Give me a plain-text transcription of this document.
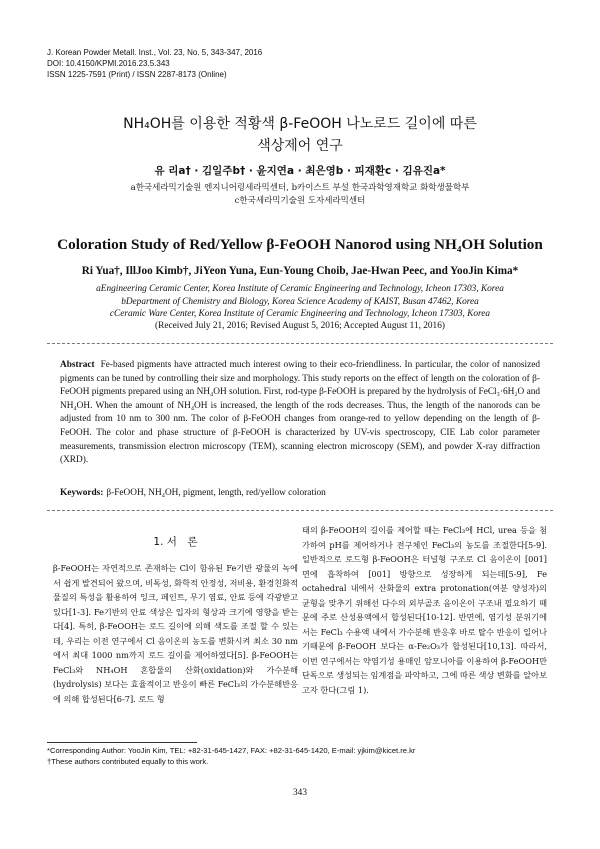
J. Korean Powder Metall. Inst., Vol. 23, No. 5, 343-347, 2016
DOI: 10.4150/KPMI.2016.23.5.343
ISSN 1225-7591 (Print) / ISSN 2287-8173 (Online)
NH₄OH를 이용한 적황색 β-FeOOH 나노로드 길이에 따른
색상제어 연구
유 리a† · 김일주b† · 윤지연a · 최은영b · 피재환c · 김유진a*
a한국세라믹기술원 엔지니어링세라믹센터, b카이스트 부설 한국과학영재학교 화학생물학부
c한국세라믹기술원 도자세라믹센터
Coloration Study of Red/Yellow β-FeOOH Nanorod using NH₄OH Solution
Ri Yua†, IllJoo Kimb†, JiYeon Yuna, Eun-Young Choib, Jae-Hwan Peec, and YooJin Kima*
aEngineering Ceramic Center, Korea Institute of Ceramic Engineering and Technology, Icheon 17303, Korea
bDepartment of Chemistry and Biology, Korea Science Academy of KAIST, Busan 47462, Korea
cCeramic Ware Center, Korea Institute of Ceramic Engineering and Technology, Icheon 17303, Korea
(Received July 21, 2016; Revised August 5, 2016; Accepted August 11, 2016)
Abstract Fe-based pigments have attracted much interest owing to their eco-friendliness. In particular, the color of nanosized pigments can be tuned by controlling their size and morphology. This study reports on the effect of length on the coloration of β-FeOOH pigments prepared using an NH₄OH solution. First, rod-type β-FeOOH is prepared by the hydrolysis of FeCl₃·6H₂O and NH₄OH. When the amount of NH₄OH is increased, the length of the rods decreases. Thus, the length of the nanorods can be adjusted from 10 nm to 300 nm. The color of β-FeOOH changes from orange-red to yellow depending on the length of β-FeOOH. The color and phase structure of β-FeOOH is characterized by UV-vis spectroscopy, CIE Lab color parameter measurements, transmission electron microscopy (TEM), scanning electron microscopy (SEM), and powder X-ray diffraction (XRD).
Keywords: β-FeOOH, NH₄OH, pigment, length, red/yellow coloration
1. 서　론
β-FeOOH는 자연적으로 존재하는 Cl이 함유된 Fe기반 광물의 녹에서 쉽게 발견되어 왔으며, 비독성, 화학적 안정성, 저비용, 환경친화적 물질의 특성을 활용하여 잉크, 페인트, 무기 염료, 안료 등에 각광받고있다[1-3]. Fe기반의 안료 색상은 입자의 형상과 크기에 영향을 받는다[4]. 특히, β-FeOOH는 로드 길이에 의해 색도를 조절 할 수 있는데, 우리는 이전 연구에서 Cl 음이온의 농도를 변화시켜 최소 30 nm에서 최대 1000 nm까지 로드 길이를 제어하였다[5]. β-FeOOH는 FeCl₃와 NH₄OH 혼합물의 산화(oxidation)와 가수분해(hydrolysis) 보다는 효율적이고 반응이 빠른 FeCl₃의 가수분해반응에 의해 합성된다[6-7]. 로드 형
태의 β-FeOOH의 길이를 제어할 때는 FeCl₃에 HCl, urea 등을 첨가하여 pH를 제어하거나 전구체인 FeCl₃의 농도를 조절한다[5-9]. 일반적으로 로드형 β-FeOOH은 터널형 구조로 Cl 음이온이 [001]면에 흡착하여 [001] 방향으로 성장하게 되는데[5-9], Fe octahedral 내에서 산화물의 extra protonation(여분 양성자)의 균형을 맞추기 위해선 다수의 외부골조 음이온이 구조내 필요하기 때문에 주로 산성용액에서 합성된다[10-12]. 반면에, 염기성 분위기에서는 FeCl₃ 수용액 내에서 가수분해 반응후 바로 탈수 반응이 일어나기때문에 β-FeOOH 보다는 α-Fe₂O₃가 합성된다[10,13]. 따라서, 이번 연구에서는 약염기성 용매인 암모니아를 이용하여 β-FeOOH만 단독으로 생성되는 임계점을 파악하고, 그에 따른 색상 변화를 알아보고자 한다(그림 1).
*Corresponding Author: YooJin Kim, TEL: +82-31-645-1427, FAX: +82-31-645-1420, E-mail: yjkim@kicet.re.kr
†These authors contributed equally to this work.
343
